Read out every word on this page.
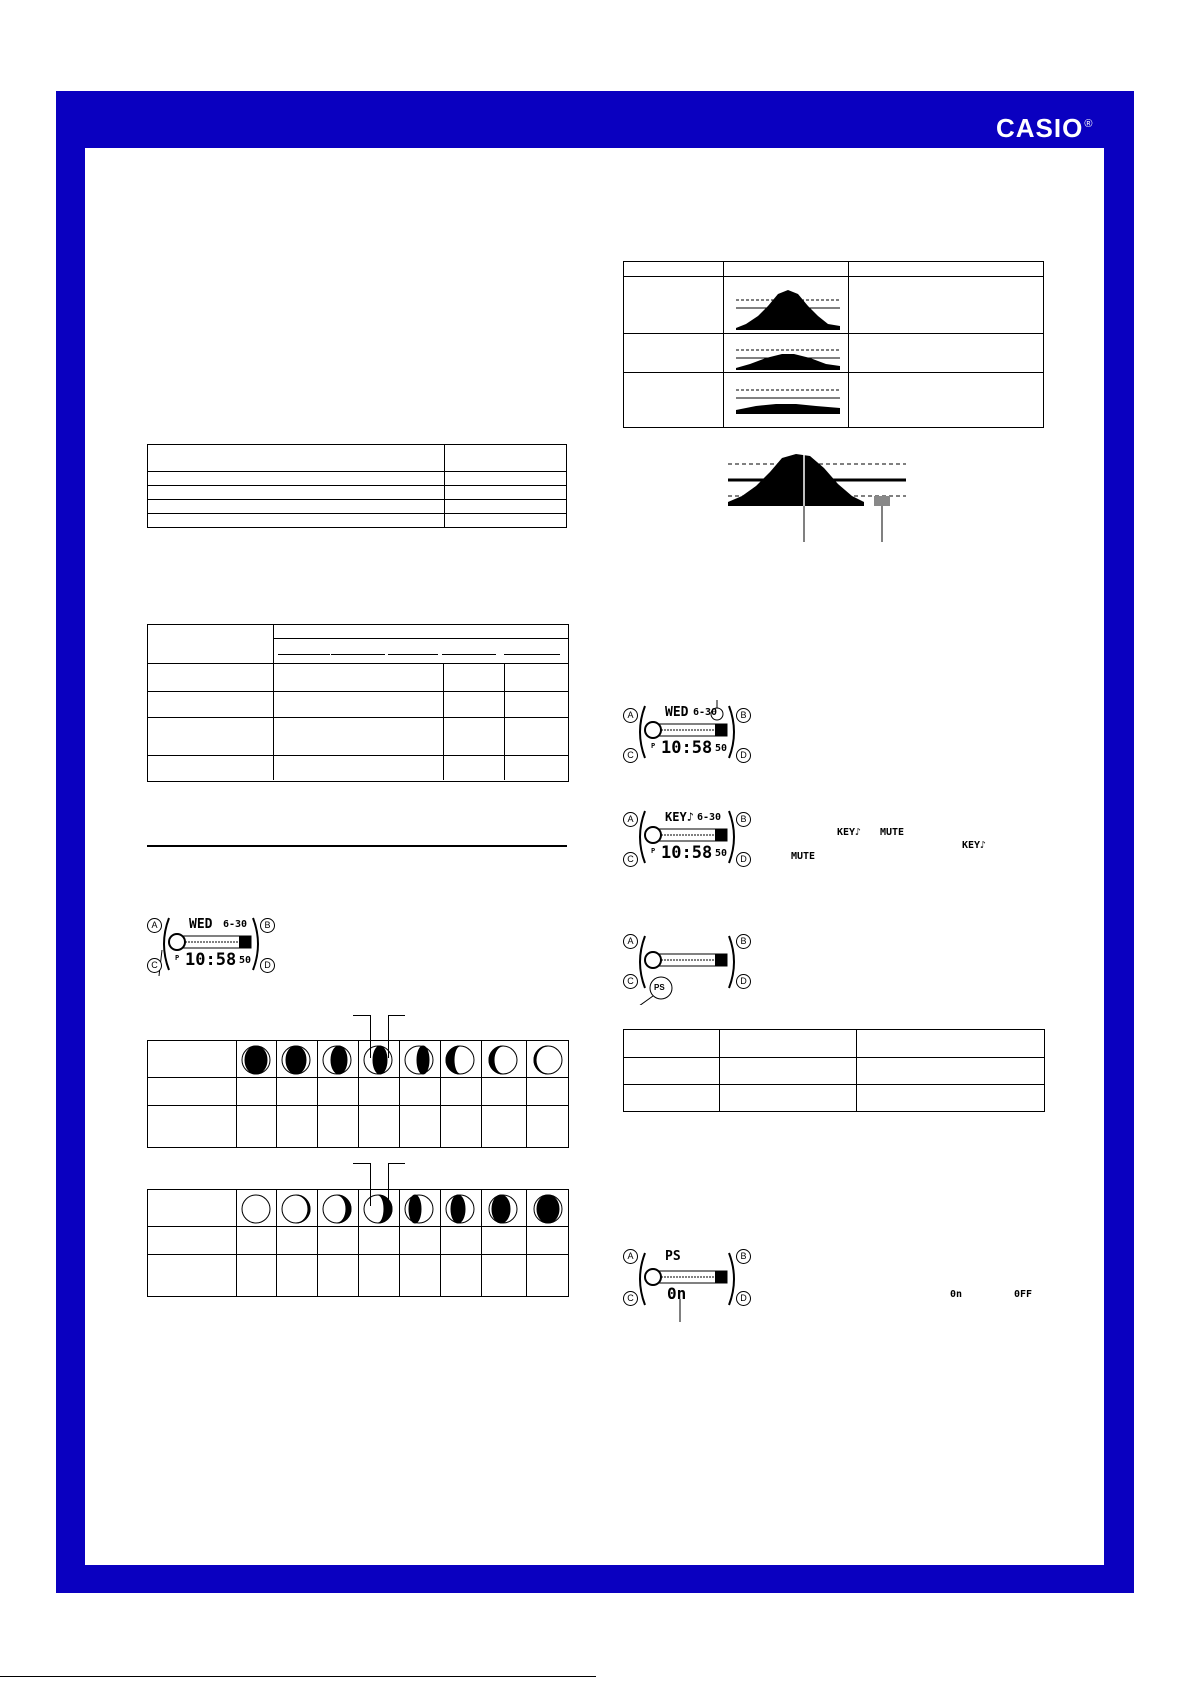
CASIO®

A	B
C	D
WED 6-30
P 10:58 50
A	B
C	D
WED 6-30
P 10:58 50
A	B
C	D
KEY♪ 6-30
P 10:58 50
KEY♪ MUTE
KEY♪
MUTE
A	B
C	D
PS
A	B
C	D
PS
0n	0n	0FF
